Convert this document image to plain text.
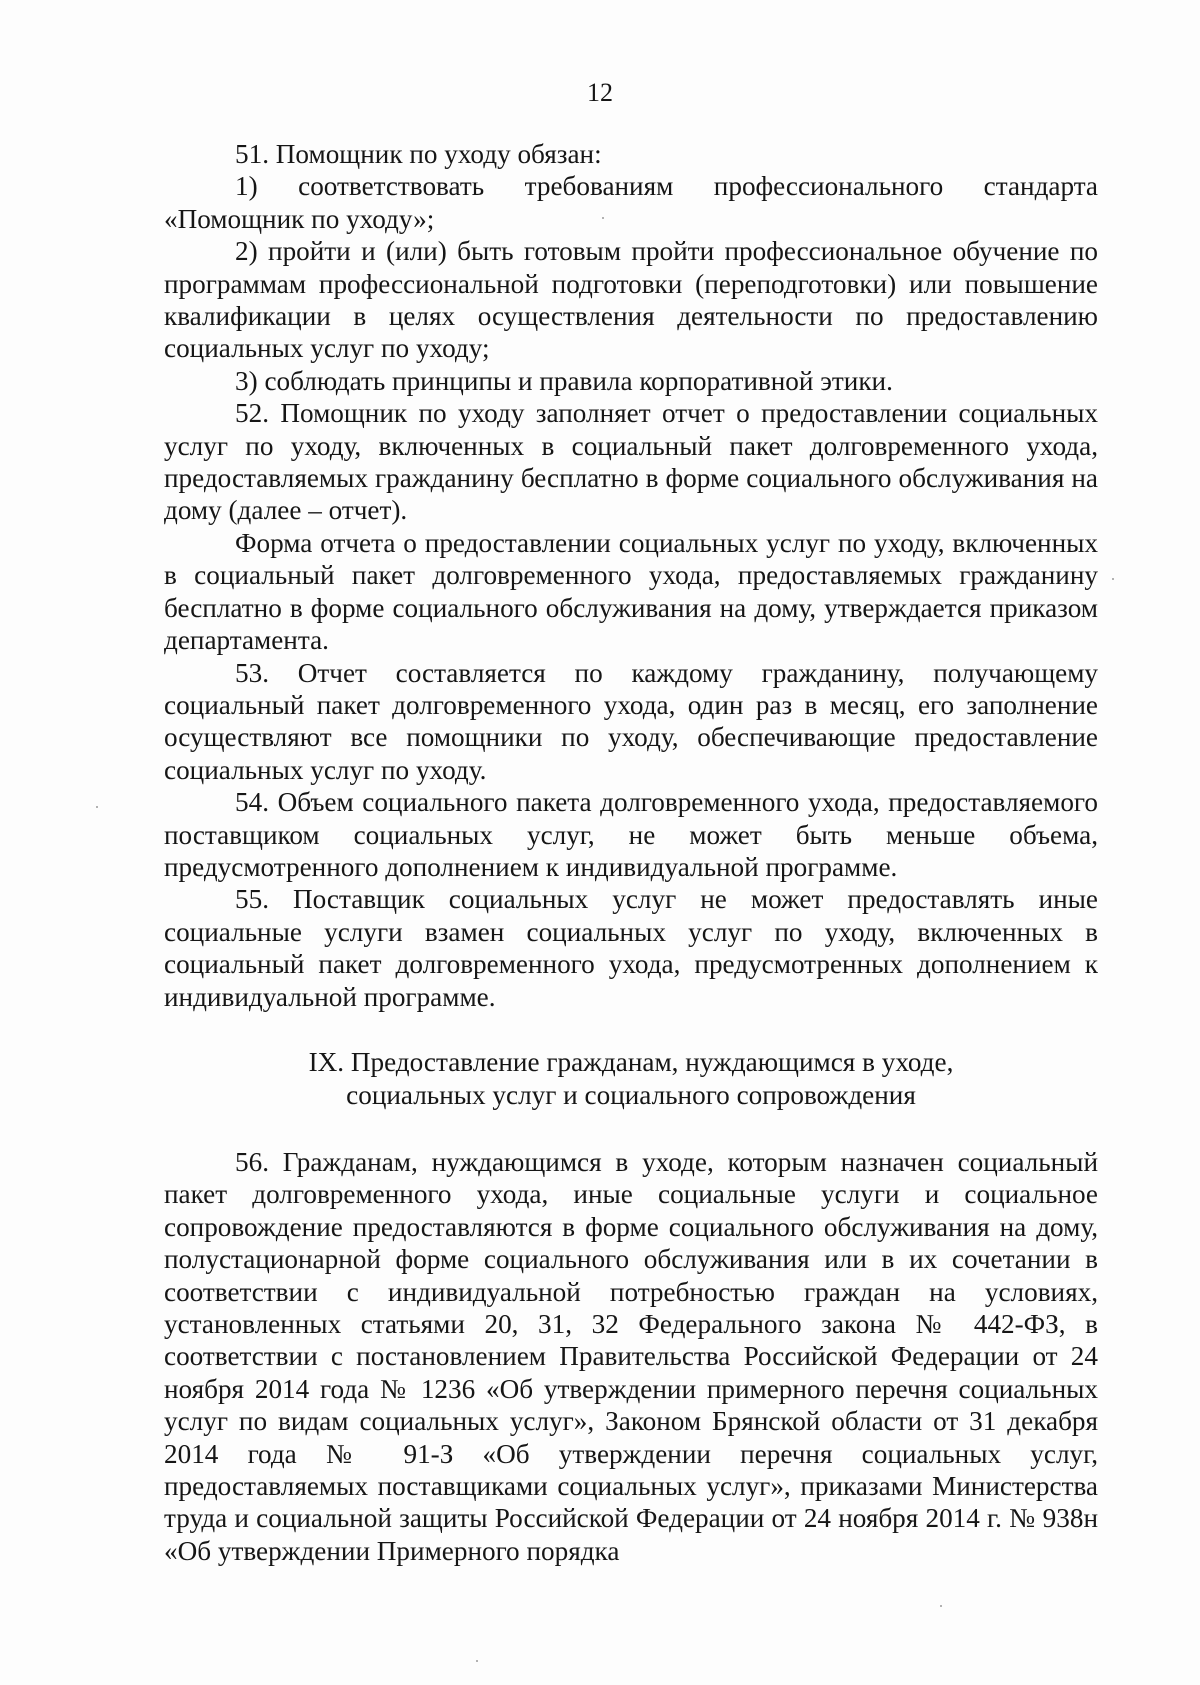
12

51. Помощник по уходу обязан:

1) соответствовать требованиям профессионального стандарта «Помощник по уходу»;

2) пройти и (или) быть готовым пройти профессиональное обучение по программам профессиональной подготовки (переподготовки) или повышение квалификации в целях осуществления деятельности по предоставлению социальных услуг по уходу;

3) соблюдать принципы и правила корпоративной этики.

52. Помощник по уходу заполняет отчет о предоставлении социальных услуг по уходу, включенных в социальный пакет долговременного ухода, предоставляемых гражданину бесплатно в форме социального обслуживания на дому (далее – отчет).

Форма отчета о предоставлении социальных услуг по уходу, включенных в социальный пакет долговременного ухода, предоставляемых гражданину бесплатно в форме социального обслуживания на дому, утверждается приказом департамента.

53. Отчет составляется по каждому гражданину, получающему социальный пакет долговременного ухода, один раз в месяц, его заполнение осуществляют все помощники по уходу, обеспечивающие предоставление социальных услуг по уходу.

54. Объем социального пакета долговременного ухода, предоставляемого поставщиком социальных услуг, не может быть меньше объема, предусмотренного дополнением к индивидуальной программе.

55. Поставщик социальных услуг не может предоставлять иные социальные услуги взамен социальных услуг по уходу, включенных в социальный пакет долговременного ухода, предусмотренных дополнением к индивидуальной программе.

IX. Предоставление гражданам, нуждающимся в уходе,
социальных услуг и социального сопровождения

56. Гражданам, нуждающимся в уходе, которым назначен социальный пакет долговременного ухода, иные социальные услуги и социальное сопровождение предоставляются в форме социального обслуживания на дому, полустационарной форме социального обслуживания или в их сочетании в соответствии с индивидуальной потребностью граждан на условиях, установленных статьями 20, 31, 32 Федерального закона № 442-ФЗ, в соответствии с постановлением Правительства Российской Федерации от 24 ноября 2014 года № 1236 «Об утверждении примерного перечня социальных услуг по видам социальных услуг», Законом Брянской области от 31 декабря 2014 года № 91-З «Об утверждении перечня социальных услуг, предоставляемых поставщиками социальных услуг», приказами Министерства труда и социальной защиты Российской Федерации от 24 ноября 2014 г. № 938н «Об утверждении Примерного порядка
